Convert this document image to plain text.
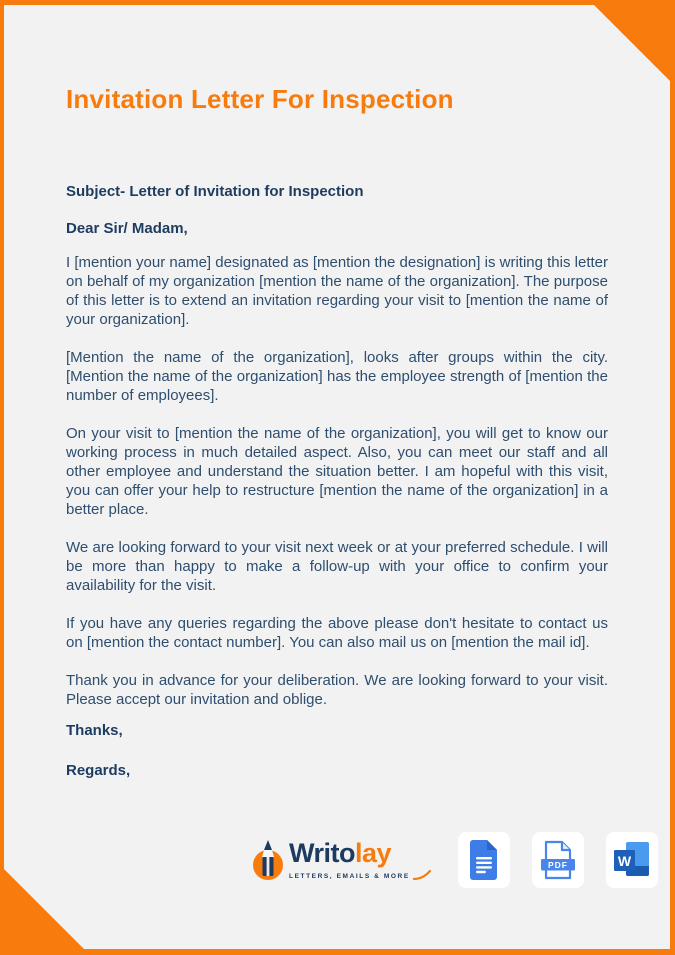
Invitation Letter For Inspection

Subject- Letter of Invitation for Inspection

Dear Sir/ Madam,

I [mention your name] designated as [mention the designation] is writing this letter on behalf of my organization [mention the name of the organization]. The purpose of this letter is to extend an invitation regarding your visit to [mention the name of your organization].

[Mention the name of the organization], looks after groups within the city. [Mention the name of the organization] has the employee strength of [mention the number of employees].

On your visit to [mention the name of the organization], you will get to know our working process in much detailed aspect. Also, you can meet our staff and all other employee and understand the situation better. I am hopeful with this visit, you can offer your help to restructure [mention the name of the organization] in a better place.

We are looking forward to your visit next week or at your preferred schedule. I will be more than happy to make a follow-up with your office to confirm your availability for the visit.

If you have any queries regarding the above please don't hesitate to contact us on [mention the contact number]. You can also mail us on [mention the mail id].

Thank you in advance for your deliberation. We are looking forward to your visit. Please accept our invitation and oblige.

Thanks,

Regards,

Writolay
LETTERS, EMAILS & MORE
PDF	W
